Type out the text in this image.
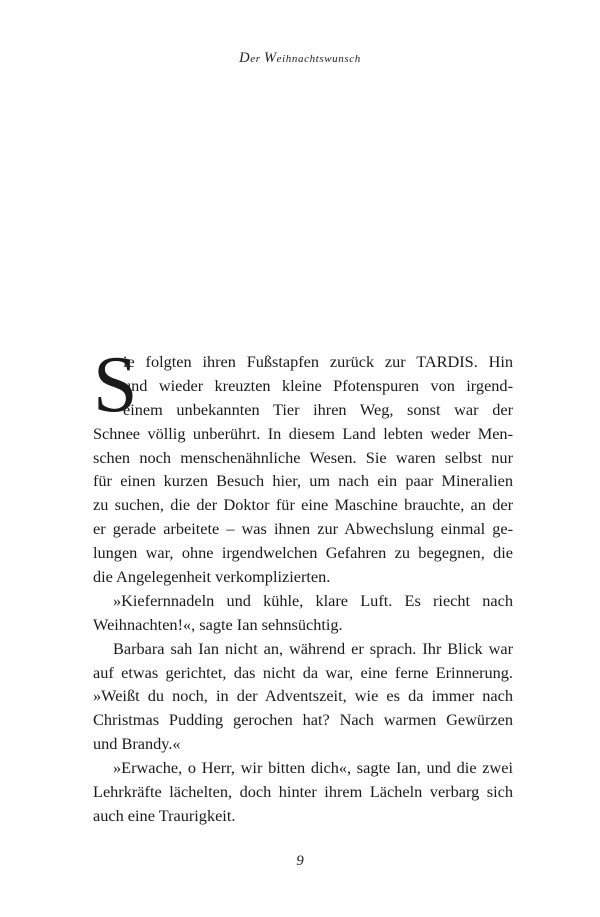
Der Weihnachtswunsch
S
ie folgten ihren Fußstapfen zurück zur TARDIS. Hin
und wieder kreuzten kleine Pfotenspuren von irgend-
einem unbekannten Tier ihren Weg, sonst war der
Schnee völlig unberührt. In diesem Land lebten weder Men-
schen noch menschenähnliche Wesen. Sie waren selbst nur
für einen kurzen Besuch hier, um nach ein paar Mineralien
zu suchen, die der Doktor für eine Maschine brauchte, an der
er gerade arbeitete – was ihnen zur Abwechslung einmal ge-
lungen war, ohne irgendwelchen Gefahren zu begegnen, die
die Angelegenheit verkomplizierten.
»Kiefernnadeln und kühle, klare Luft. Es riecht nach
Weihnachten!«, sagte Ian sehnsüchtig.
Barbara sah Ian nicht an, während er sprach. Ihr Blick war
auf etwas gerichtet, das nicht da war, eine ferne Erinnerung.
»Weißt du noch, in der Adventszeit, wie es da immer nach
Christmas Pudding gerochen hat? Nach warmen Gewürzen
und Brandy.«
»Erwache, o Herr, wir bitten dich«, sagte Ian, und die zwei
Lehrkräfte lächelten, doch hinter ihrem Lächeln verbarg sich
auch eine Traurigkeit.
9
